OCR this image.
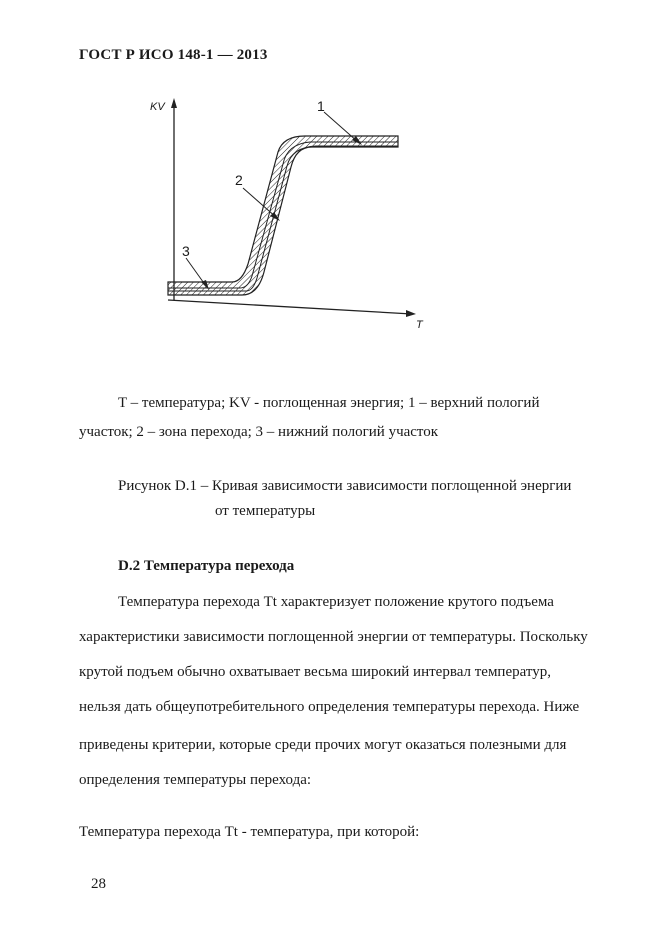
ГОСТ Р ИСО 148-1 — 2013
KV
T
1
2
3
T – температура; KV - поглощенная энергия; 1 – верхний пологий
участок; 2 – зона перехода; 3 – нижний пологий участок
Рисунок D.1 – Кривая зависимости зависимости поглощенной энергии
от температуры
D.2 Температура перехода
Температура перехода Tt характеризует положение крутого подъема
характеристики зависимости поглощенной энергии от температуры. Поскольку
крутой подъем обычно охватывает весьма широкий интервал температур,
нельзя дать общеупотребительного определения температуры перехода. Ниже
приведены критерии, которые среди прочих могут оказаться полезными для
определения температуры перехода:
Температура перехода Tt - температура, при которой:
28
